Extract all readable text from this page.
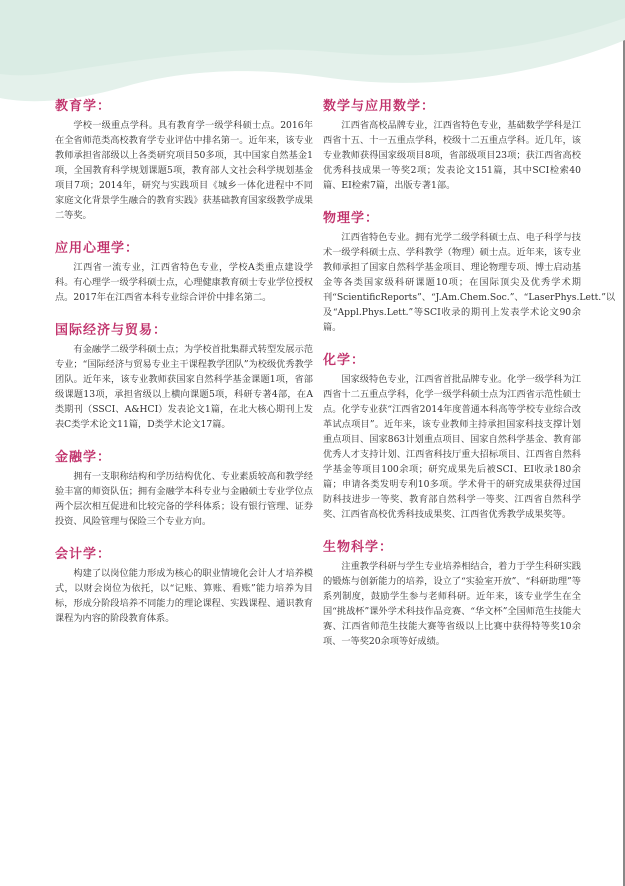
教育学：

学校一级重点学科。具有教育学一级学科硕士点。2016年在全省师范类高校教育学专业评估中排名第一。近年来，该专业教师承担省部级以上各类研究项目50多项，其中国家自然基金1项，全国教育科学规划课题5项，教育部人文社会科学规划基金项目7项；2014年，研究与实践项目《城乡一体化进程中不同家庭文化背景学生融合的教育实践》获基础教育国家级教学成果二等奖。

应用心理学：

江西省一流专业，江西省特色专业，学校A类重点建设学科。有心理学一级学科硕士点，心理健康教育硕士专业学位授权点。2017年在江西省本科专业综合评价中排名第二。

国际经济与贸易：

有金融学二级学科硕士点；为学校首批集群式转型发展示范专业；“国际经济与贸易专业主干课程教学团队”为校级优秀教学团队。近年来，该专业教师获国家自然科学基金课题1项，省部级课题13项，承担省级以上横向课题5项，科研专著4部，在A类期刊（SSCI、A&HCI）发表论文1篇，在北大核心期刊上发表C类学术论文11篇，D类学术论文17篇。

金融学：

拥有一支职称结构和学历结构优化、专业素质较高和教学经验丰富的师资队伍；拥有金融学本科专业与金融硕士专业学位点两个层次相互促进和比较完备的学科体系；设有银行管理、证券投资、风险管理与保险三个专业方向。

会计学：

构建了以岗位能力形成为核心的职业情境化会计人才培养模式，以财会岗位为依托，以“记账、算账、看账”能力培养为目标，形成分阶段培养不同能力的理论课程、实践课程、通识教育课程为内容的阶段教育体系。

数学与应用数学：

江西省高校品牌专业，江西省特色专业，基础数学学科是江西省十五、十一五重点学科，校级十二五重点学科。近几年，该专业教师获得国家级项目8项，省部级项目23项；获江西省高校优秀科技成果一等奖2项；发表论文151篇，其中SCI检索40篇、EI检索7篇，出版专著1部。

物理学：

江西省特色专业。拥有光学二级学科硕士点、电子科学与技术一级学科硕士点、学科教学（物理）硕士点。近年来，该专业教师承担了国家自然科学基金项目、理论物理专项、博士启动基金等各类国家级科研课题10项；在国际顶尖及优秀学术期刊“ScientificReports”、“J.Am.Chem.Soc.”、“LaserPhys.Lett.”以及“Appl.Phys.Lett.”等SCI收录的期刊上发表学术论文90余篇。

化学：

国家级特色专业，江西省首批品牌专业。化学一级学科为江西省十二五重点学科，化学一级学科硕士点为江西省示范性硕士点。化学专业获“江西省2014年度普通本科高等学校专业综合改革试点项目”。近年来，该专业教师主持承担国家科技支撑计划重点项目、国家863计划重点项目、国家自然科学基金、教育部优秀人才支持计划、江西省科技厅重大招标项目、江西省自然科学基金等项目100余项；研究成果先后被SCI、EI收录180余篇；申请各类发明专利10多项。学术骨干的研究成果获得过国防科技进步一等奖、教育部自然科学一等奖、江西省自然科学奖、江西省高校优秀科技成果奖、江西省优秀教学成果奖等。

生物科学：

注重教学科研与学生专业培养相结合，着力于学生科研实践的锻炼与创新能力的培养，设立了“实验室开放”、“科研助理”等系列制度，鼓励学生参与老师科研。近年来，该专业学生在全国“挑战杯”课外学术科技作品竞赛、“华文杯”全国师范生技能大赛、江西省师范生技能大赛等省级以上比赛中获得特等奖10余项、一等奖20余项等好成绩。
